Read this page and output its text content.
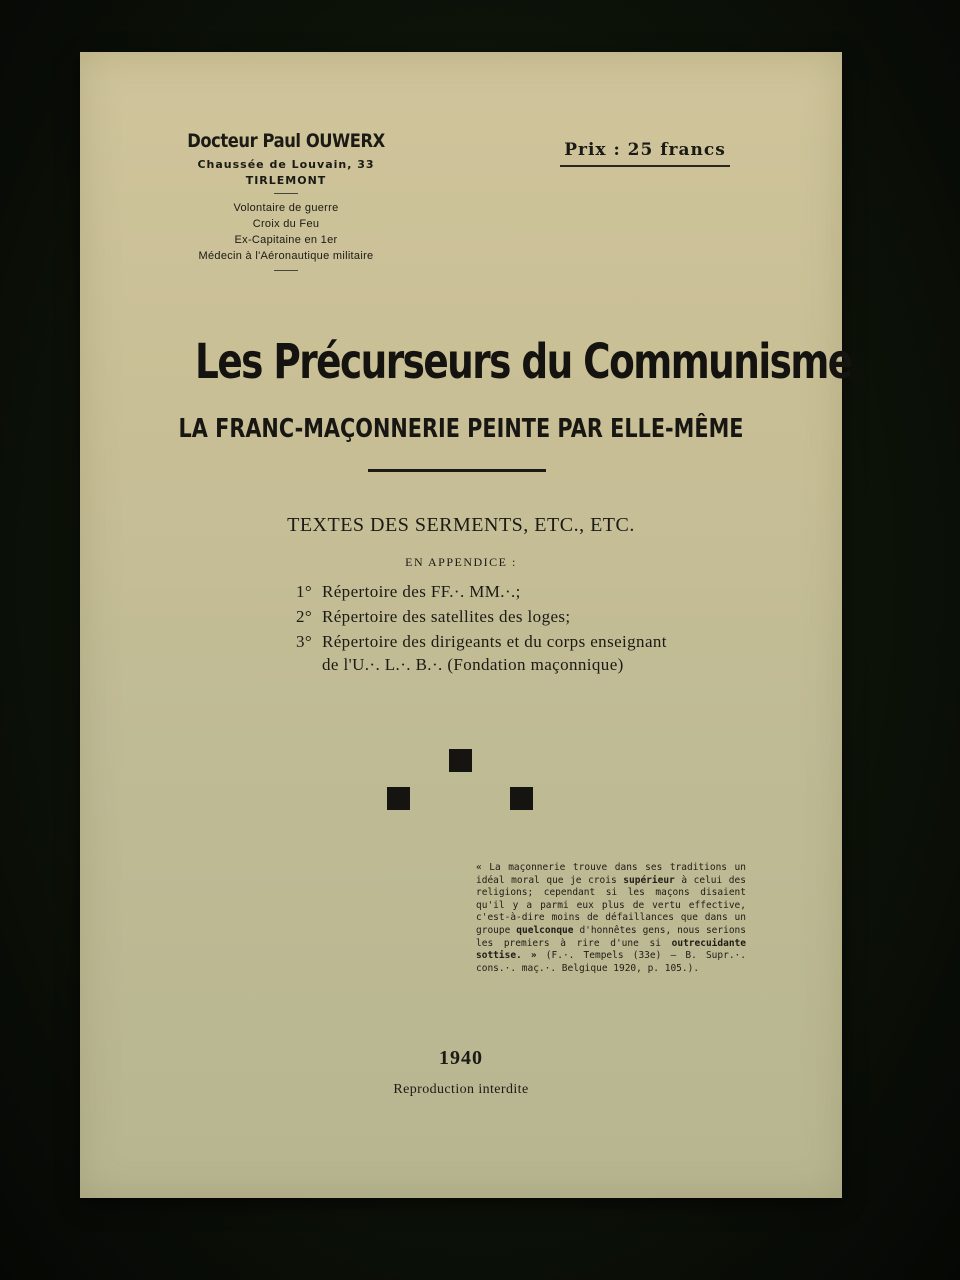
Docteur Paul OUWERX
Chaussée de Louvain, 33
TIRLEMONT
Volontaire de guerre
Croix du Feu
Ex-Capitaine en 1er
Médecin à l'Aéronautique militaire
Prix : 25 francs
Les Précurseurs du Communisme
LA FRANC-MAÇONNERIE PEINTE PAR ELLE-MÊME
TEXTES DES SERMENTS, ETC., ETC.
EN APPENDICE :
1° Répertoire des FF.·. MM.·.;
2° Répertoire des satellites des loges;
3° Répertoire des dirigeants et du corps enseignant de l'U.·. L.·. B.·. (Fondation maçonnique)
« La maçonnerie trouve dans ses traditions un idéal moral que je crois supérieur à celui des religions; cependant si les maçons disaient qu'il y a parmi eux plus de vertu effective, c'est-à-dire moins de défaillances que dans un groupe quelconque d'honnêtes gens, nous serions les premiers à rire d'une si outrecuidante sottise. » (F.·. Tempels (33e) — B. Supr.·. cons.·. maç.·. Belgique 1920, p. 105.).
1940
Reproduction interdite
